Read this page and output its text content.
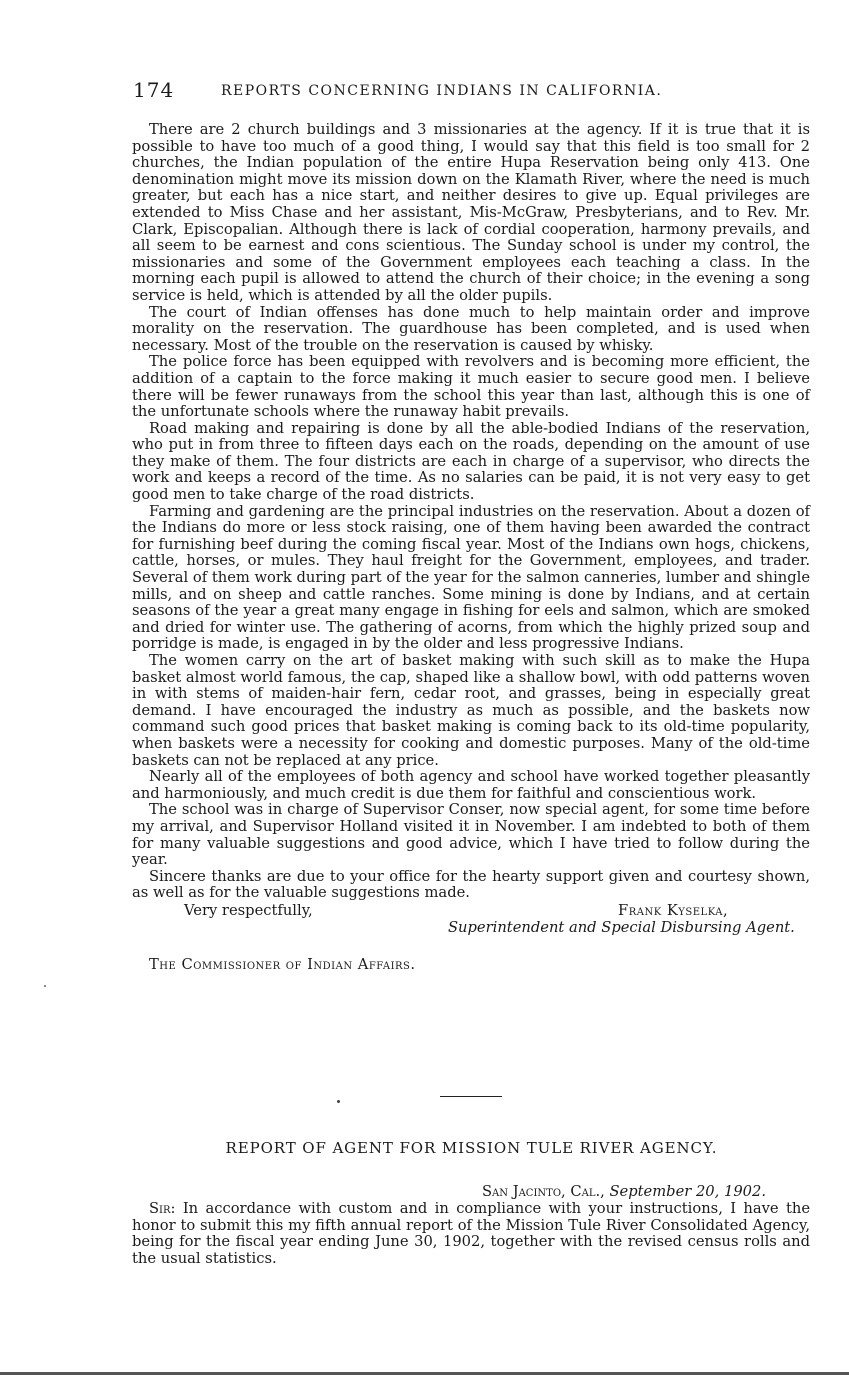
174	REPORTS CONCERNING INDIANS IN CALIFORNIA.

There are 2 church buildings and 3 missionaries at the agency. If it is true that it is possible to have too much of a good thing, I would say that this field is too small for 2 churches, the Indian population of the entire Hupa Reservation being only 413. One denomination might move its mission down on the Klamath River, where the need is much greater, but each has a nice start, and neither desires to give up. Equal privileges are extended to Miss Chase and her assistant, Mis-McGraw, Presbyterians, and to Rev. Mr. Clark, Episcopalian. Although there is lack of cordial cooperation, harmony prevails, and all seem to be earnest and cons scientious. The Sunday school is under my control, the missionaries and some of the Government employees each teaching a class. In the morning each pupil is allowed to attend the church of their choice; in the evening a song service is held, which is attended by all the older pupils.

The court of Indian offenses has done much to help maintain order and improve morality on the reservation. The guardhouse has been completed, and is used when necessary. Most of the trouble on the reservation is caused by whisky.

The police force has been equipped with revolvers and is becoming more efficient, the addition of a captain to the force making it much easier to secure good men. I believe there will be fewer runaways from the school this year than last, although this is one of the unfortunate schools where the runaway habit prevails.

Road making and repairing is done by all the able-bodied Indians of the reservation, who put in from three to fifteen days each on the roads, depending on the amount of use they make of them. The four districts are each in charge of a supervisor, who directs the work and keeps a record of the time. As no salaries can be paid, it is not very easy to get good men to take charge of the road districts.

Farming and gardening are the principal industries on the reservation. About a dozen of the Indians do more or less stock raising, one of them having been awarded the contract for furnishing beef during the coming fiscal year. Most of the Indians own hogs, chickens, cattle, horses, or mules. They haul freight for the Government, employees, and trader. Several of them work during part of the year for the salmon canneries, lumber and shingle mills, and on sheep and cattle ranches. Some mining is done by Indians, and at certain seasons of the year a great many engage in fishing for eels and salmon, which are smoked and dried for winter use. The gathering of acorns, from which the highly prized soup and porridge is made, is engaged in by the older and less progressive Indians.

The women carry on the art of basket making with such skill as to make the Hupa basket almost world famous, the cap, shaped like a shallow bowl, with odd patterns woven in with stems of maiden-hair fern, cedar root, and grasses, being in especially great demand. I have encouraged the industry as much as possible, and the baskets now command such good prices that basket making is coming back to its old-time popularity, when baskets were a necessity for cooking and domestic purposes. Many of the old-time baskets can not be replaced at any price.

Nearly all of the employees of both agency and school have worked together pleasantly and harmoniously, and much credit is due them for faithful and conscientious work.

The school was in charge of Supervisor Conser, now special agent, for some time before my arrival, and Supervisor Holland visited it in November. I am indebted to both of them for many valuable suggestions and good advice, which I have tried to follow during the year.

Sincere thanks are due to your office for the hearty support given and courtesy shown, as well as for the valuable suggestions made.

Very respectfully,	Frank Kyselka,
Superintendent and Special Disbursing Agent.
The Commissioner of Indian Affairs.
REPORT OF AGENT FOR MISSION TULE RIVER AGENCY.
San Jacinto, Cal., September 20, 1902.

Sir: In accordance with custom and in compliance with your instructions, I have the honor to submit this my fifth annual report of the Mission Tule River Consolidated Agency, being for the fiscal year ending June 30, 1902, together with the revised census rolls and the usual statistics.
